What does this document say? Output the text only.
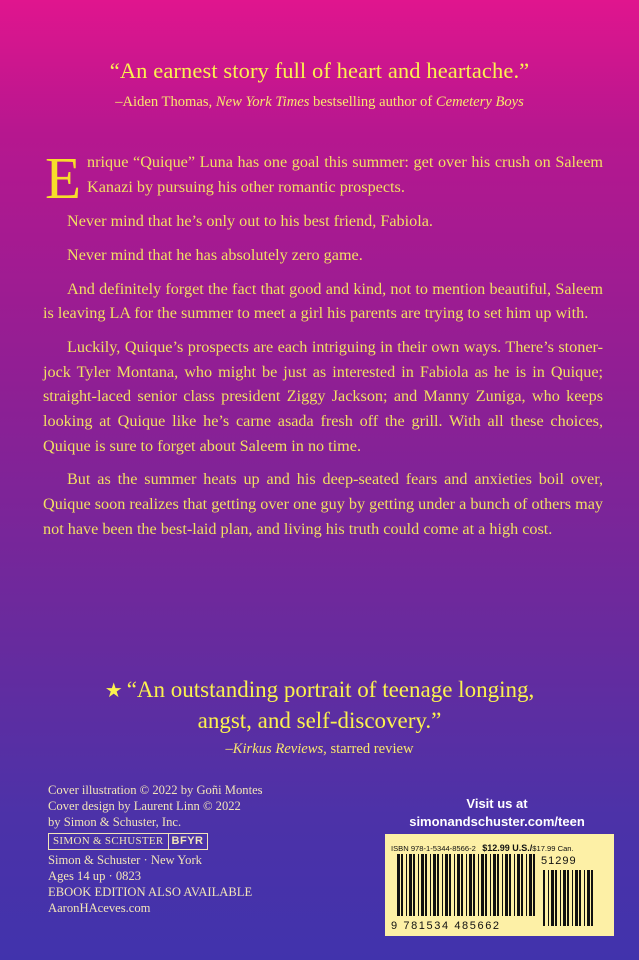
“An earnest story full of heart and heartache.”
–Aiden Thomas, New York Times bestselling author of Cemetery Boys

Enrique “Quique” Luna has one goal this summer: get over his crush on Saleem Kanazi by pursuing his other romantic prospects.

Never mind that he’s only out to his best friend, Fabiola.

Never mind that he has absolutely zero game.

And definitely forget the fact that good and kind, not to mention beautiful, Saleem is leaving LA for the summer to meet a girl his parents are trying to set him up with.

Luckily, Quique’s prospects are each intriguing in their own ways. There’s stoner-jock Tyler Montana, who might be just as interested in Fabiola as he is in Quique; straight-laced senior class president Ziggy Jackson; and Manny Zuniga, who keeps looking at Quique like he’s carne asada fresh off the grill. With all these choices, Quique is sure to forget about Saleem in no time.

But as the summer heats up and his deep-seated fears and anxieties boil over, Quique soon realizes that getting over one guy by getting under a bunch of others may not have been the best-laid plan, and living his truth could come at a high cost.

★ “An outstanding portrait of teenage longing,
angst, and self-discovery.”
–Kirkus Reviews, starred review
Cover illustration © 2022 by Goñi Montes
Cover design by Laurent Linn © 2022
by Simon & Schuster, Inc.
SIMON & SCHUSTER BFYR
Simon & Schuster · New York
Ages 14 up · 0823
EBOOK EDITION ALSO AVAILABLE
AaronHAceves.com
Visit us at
simonandschuster.com/teen
ISBN 978-1-5344-8566-2 $12.99 U.S./$17.99 Can.
51299
9 781534 485662
